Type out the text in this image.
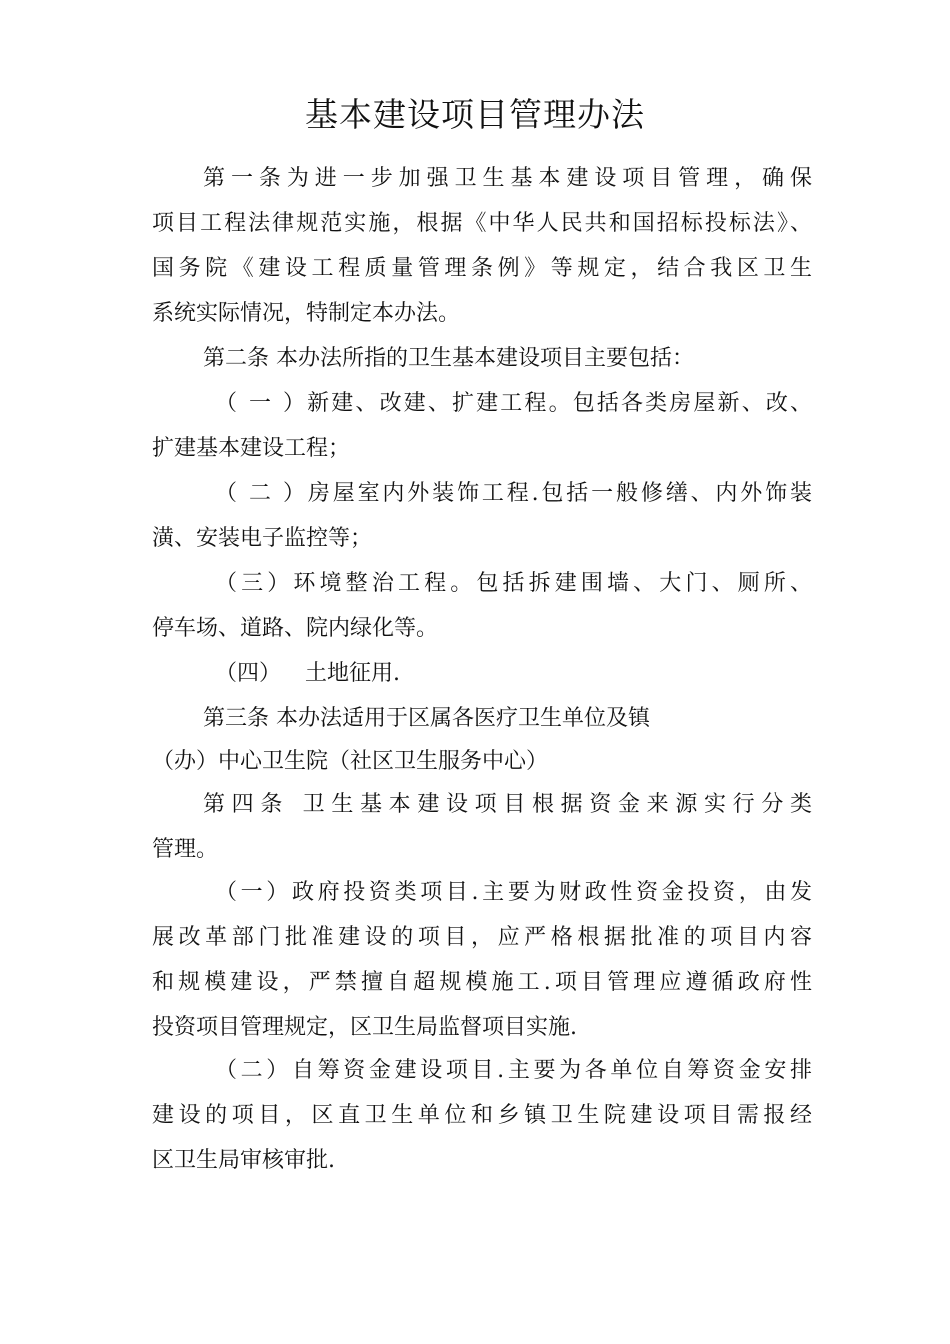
基本建设项目管理办法
第一条为进一步加强卫生基本建设项目管理，确保
项目工程法律规范实施，根据《中华人民共和国招标投标法》、
国务院《建设工程质量管理条例》等规定，结合我区卫生
系统实际情况，特制定本办法。
第二条 本办法所指的卫生基本建设项目主要包括：
（一）新建、改建、扩建工程。包括各类房屋新、改、
扩建基本建设工程；
（二）房屋室内外装饰工程.包括一般修缮、内外饰装
潢、安装电子监控等；
（三）环境整治工程。包括拆建围墙、大门、厕所、
停车场、道路、院内绿化等。
（四） 土地征用.
第三条 本办法适用于区属各医疗卫生单位及镇
（办）中心卫生院（社区卫生服务中心）
第四条 卫生基本建设项目根据资金来源实行分类
管理。
（一）政府投资类项目.主要为财政性资金投资，由发
展改革部门批准建设的项目，应严格根据批准的项目内容
和规模建设，严禁擅自超规模施工.项目管理应遵循政府性
投资项目管理规定，区卫生局监督项目实施.
（二）自筹资金建设项目.主要为各单位自筹资金安排
建设的项目，区直卫生单位和乡镇卫生院建设项目需报经
区卫生局审核审批.
